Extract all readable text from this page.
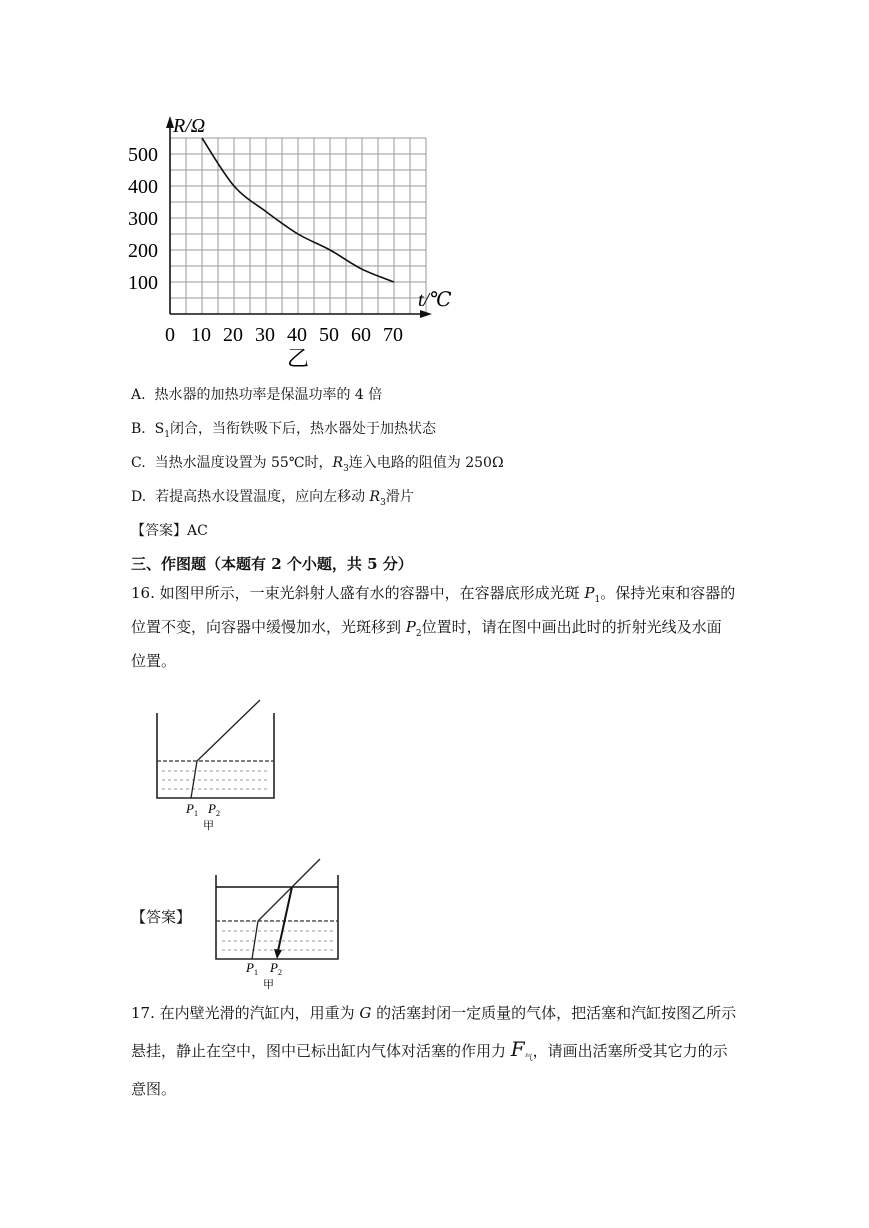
100
200
300
400
500
0 10 20 30 40 50 60 70
R/Ω
t/℃
乙
A. 热水器的加热功率是保温功率的 4 倍
B. $S_1$闭合，当衔铁吸下后，热水器处于加热状态
C. 当热水温度设置为 55℃时，$R_3$连入电路的阻值为 250Ω
D. 若提高热水设置温度，应向左移动 $R_3$滑片
【答案】AC
三、作图题（本题有 2 个小题，共 5 分）
16. 如图甲所示，一束光斜射人盛有水的容器中，在容器底形成光斑 $P_1$。保持光束和容器的
位置不变，向容器中缓慢加水，光斑移到 $P_2$位置时，请在图中画出此时的折射光线及水面
位置。
P 1 P 2
甲
【答案】
P 1 P 2
甲
17. 在内壁光滑的汽缸内，用重为 G 的活塞封闭一定质量的气体，把活塞和汽缸按图乙所示
悬挂，静止在空中，图中已标出缸内气体对活塞的作用力 $F_气$，请画出活塞所受其它力的示
意图。
